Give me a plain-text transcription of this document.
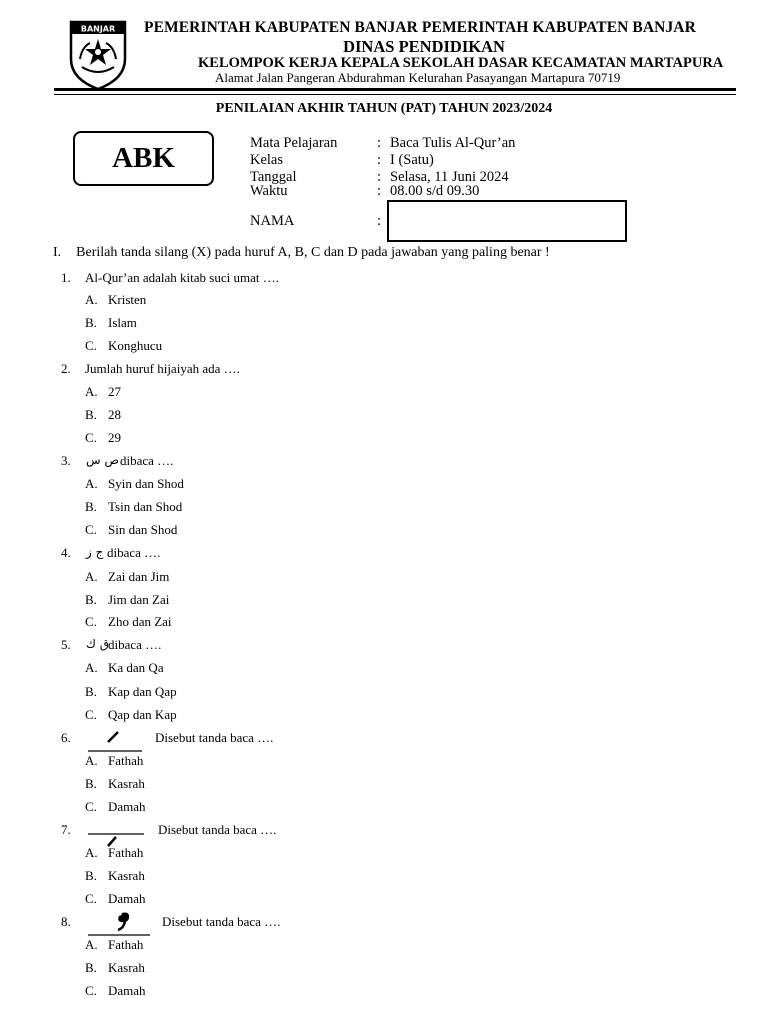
BANJAR PEMERINTAH KABUPATEN BANJAR PEMERINTAH KABUPATEN BANJAR
DINAS PENDIDIKAN
KELOMPOK KERJA KEPALA SEKOLAH DASAR KECAMATAN MARTAPURA
Alamat Jalan Pangeran Abdurahman Kelurahan Pasayangan Martapura 70719
PENILAIAN AKHIR TAHUN (PAT) TAHUN 2023/2024
ABK	Mata Pelajaran	: Baca Tulis Al-Qur’an
Kelas	: I (Satu)
Tanggal	: Selasa, 11 Juni 2024
Waktu	: 08.00 s/d 09.30
NAMA	:
I. Berilah tanda silang (X) pada huruf A, B, C dan D pada jawaban yang paling benar !
1. Al-Qur’an adalah kitab suci umat ….
A. Kristen
B. Islam
C. Konghucu
2. Jumlah huruf hijaiyah ada ….
A. 27
B. 28
C. 29
3. ص س dibaca ….
A. Syin dan Shod
B. Tsin dan Shod
C. Sin dan Shod
4. ج ز dibaca ….
A. Zai dan Jim
B. Jim dan Zai
C. Zho dan Zai
5. ق ك
dibaca ….
A. Ka dan Qa
B. Kap dan Qap
C. Qap dan Kap
6.	Disebut tanda baca ….
A. Fathah
B. Kasrah
C. Damah
7.	Disebut tanda baca ….
A. Fathah
B. Kasrah
C. Damah
8.	Disebut tanda baca ….
A. Fathah
B. Kasrah
C. Damah
